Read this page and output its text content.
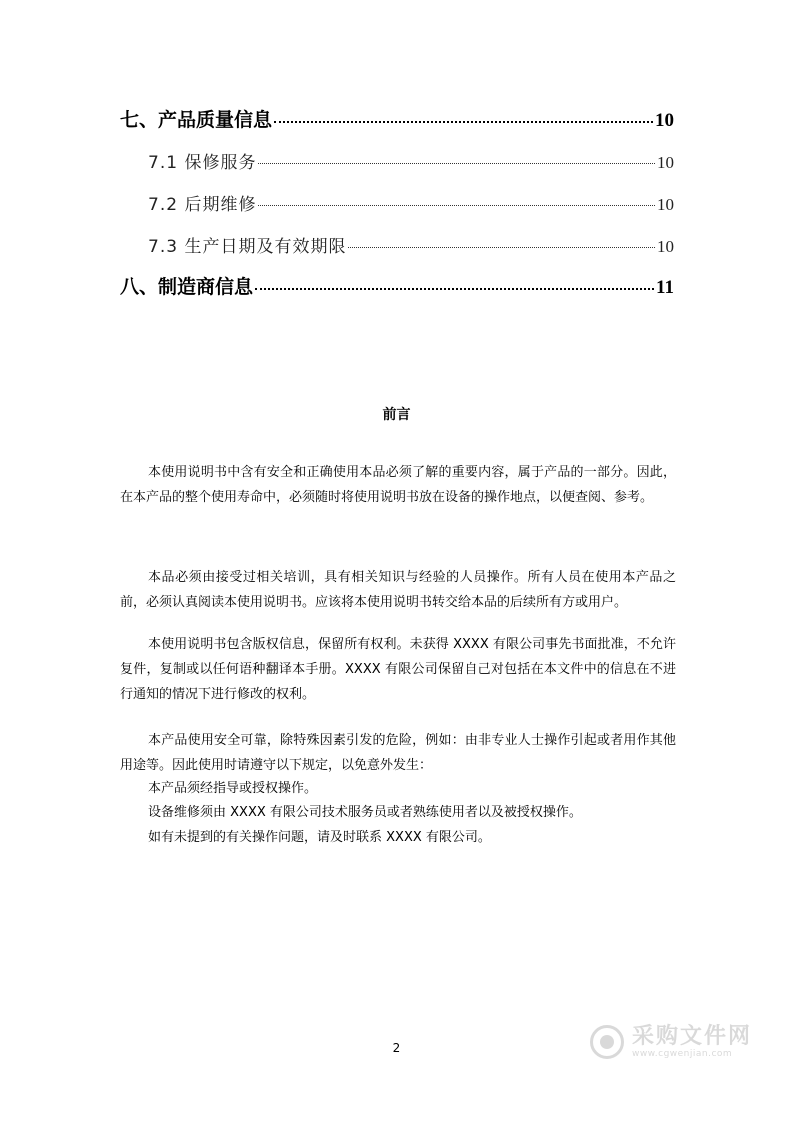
七、产品质量信息	10
7.1 保修服务	10
7.2 后期维修	10
7.3 生产日期及有效期限	10
八、制造商信息	11
前言

本使用说明书中含有安全和正确使用本品必须了解的重要内容，属于产品的一部分。因此，在本产品的整个使用寿命中，必须随时将使用说明书放在设备的操作地点，以便查阅、参考。

本品必须由接受过相关培训，具有相关知识与经验的人员操作。所有人员在使用本产品之前，必须认真阅读本使用说明书。应该将本使用说明书转交给本品的后续所有方或用户。

本使用说明书包含版权信息，保留所有权利。未获得 XXXX 有限公司事先书面批准，不允许复件，复制或以任何语种翻译本手册。XXXX 有限公司保留自己对包括在本文件中的信息在不进行通知的情况下进行修改的权利。

本产品使用安全可靠，除特殊因素引发的危险，例如：由非专业人士操作引起或者用作其他用途等。因此使用时请遵守以下规定，以免意外发生：

本产品须经指导或授权操作。
设备维修须由 XXXX 有限公司技术服务员或者熟练使用者以及被授权操作。
如有未提到的有关操作问题，请及时联系 XXXX 有限公司。
2	采购文件网
www.cgwenjian.com
